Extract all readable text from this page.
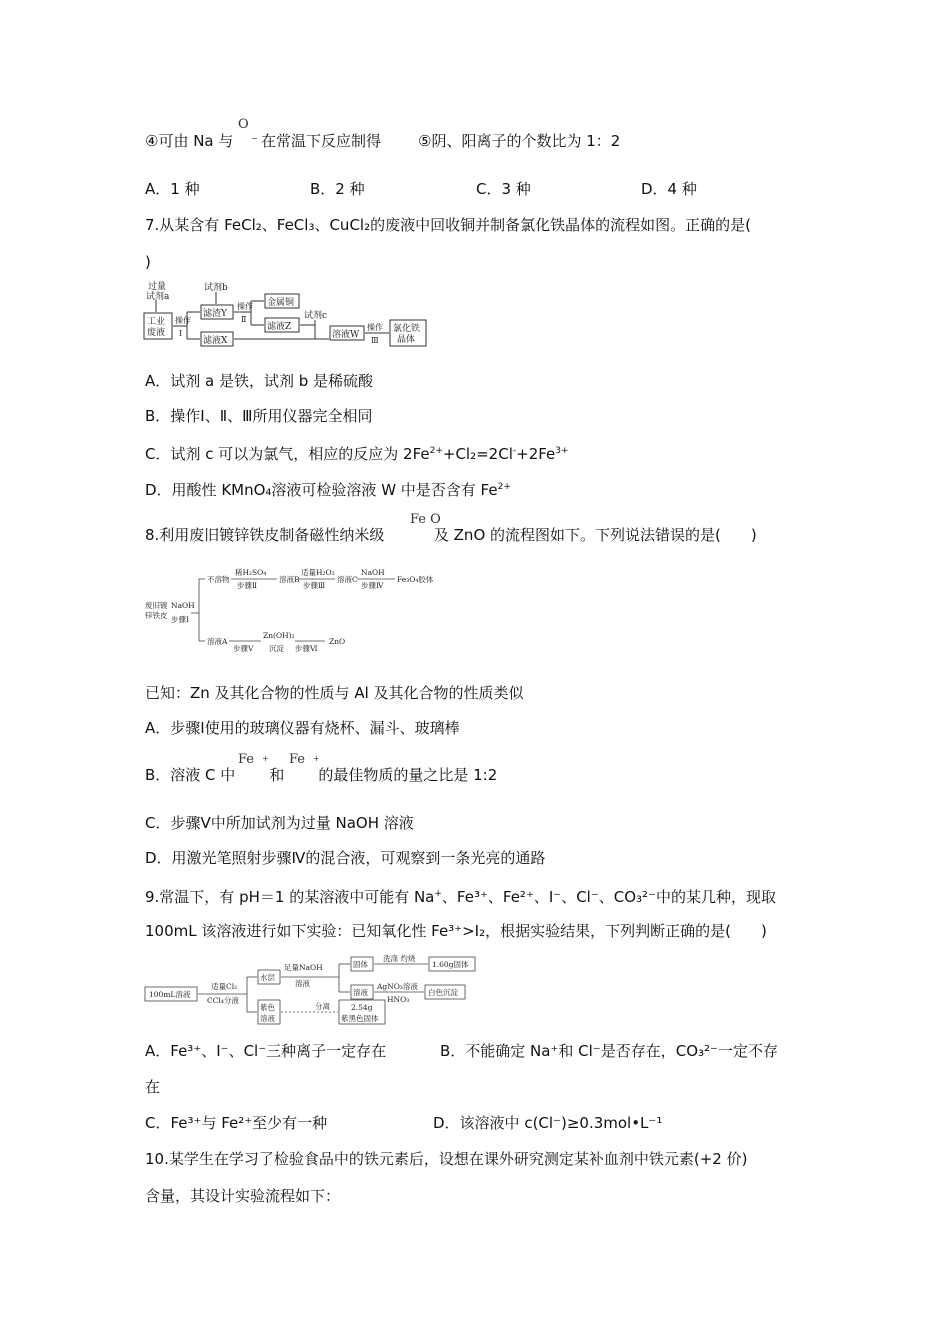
O
−
④可由 Na 与 在常温下反应制得 ⑤阴、阳离子的个数比为 1：2
A．1 种	B．2 种	C．3 种	D．4 种
7.从某含有 FeCl₂、FeCl₃、CuCl₂的废液中回收铜并制备氯化铁晶体的流程如图。正确的是(
)
过量
试剂a
工业
废液
操作
Ⅰ
试剂b
滤渣Y
滤液X
操作
Ⅱ
金属铜
滤液Z
试剂c
溶液W
操作
Ⅲ
氯化铁
晶体
A．试剂 a 是铁，试剂 b 是稀硫酸
B．操作Ⅰ、Ⅱ、Ⅲ所用仪器完全相同
C．试剂 c 可以为氯气，相应的反应为 $2Fe^{2+}+Cl_2=2Cl^-+2Fe^{3+}$
D．用酸性 KMnO₄溶液可检验溶液 W 中是否含有 $Fe^{2+}$
Fe O
8.利用废旧镀锌铁皮制备磁性纳米级	及 ZnO 的流程图如下。下列说法错误的是(　　)
废旧镀
锌铁皮
NaOH
步骤Ⅰ
不溶物
稀H₂SO₄
步骤Ⅱ
溶液B
适量H₂O₂
步骤Ⅲ
溶液C
NaOH
步骤Ⅳ
Fe₃O₄胶体
溶液A
步骤Ⅴ
Zn(OH)₂
沉淀 步骤Ⅵ
ZnO
已知：Zn 及其化合物的性质与 Al 及其化合物的性质类似
A．步骤Ⅰ使用的玻璃仪器有烧杯、漏斗、玻璃棒
Fe + Fe +
B．溶液 C 中 和 的最佳物质的量之比是 1:2
C．步骤Ⅴ中所加试剂为过量 NaOH 溶液
D．用激光笔照射步骤Ⅳ的混合液，可观察到一条光亮的通路
9.常温下，有 pH＝1 的某溶液中可能有 Na+、Fe³⁺、Fe²⁺、I⁻、Cl⁻、CO₃²⁻中的某几种，现取
100mL 该溶液进行如下实验：已知氧化性 Fe³⁺>I₂，根据实验结果，下列判断正确的是(　　)
100mL溶液
适量Cl₂
CCl₄分液
水层
足量NaOH
溶液
固体
洗涤 灼烧
1.60g固体
溶液
AgNO₃溶液
HNO₃
白色沉淀
紫色
溶液
分离	2.54g
紫黑色固体
A．Fe³⁺、I⁻、Cl⁻三种离子一定存在	B．不能确定 Na⁺和 Cl⁻是否存在，CO₃²⁻一定不存
在
C．Fe³⁺与 Fe²⁺至少有一种	D．该溶液中 c(Cl⁻)≥0.3mol•L⁻¹
10.某学生在学习了检验食品中的铁元素后，设想在课外研究测定某补血剂中铁元素(+2 价)
含量，其设计实验流程如下：
